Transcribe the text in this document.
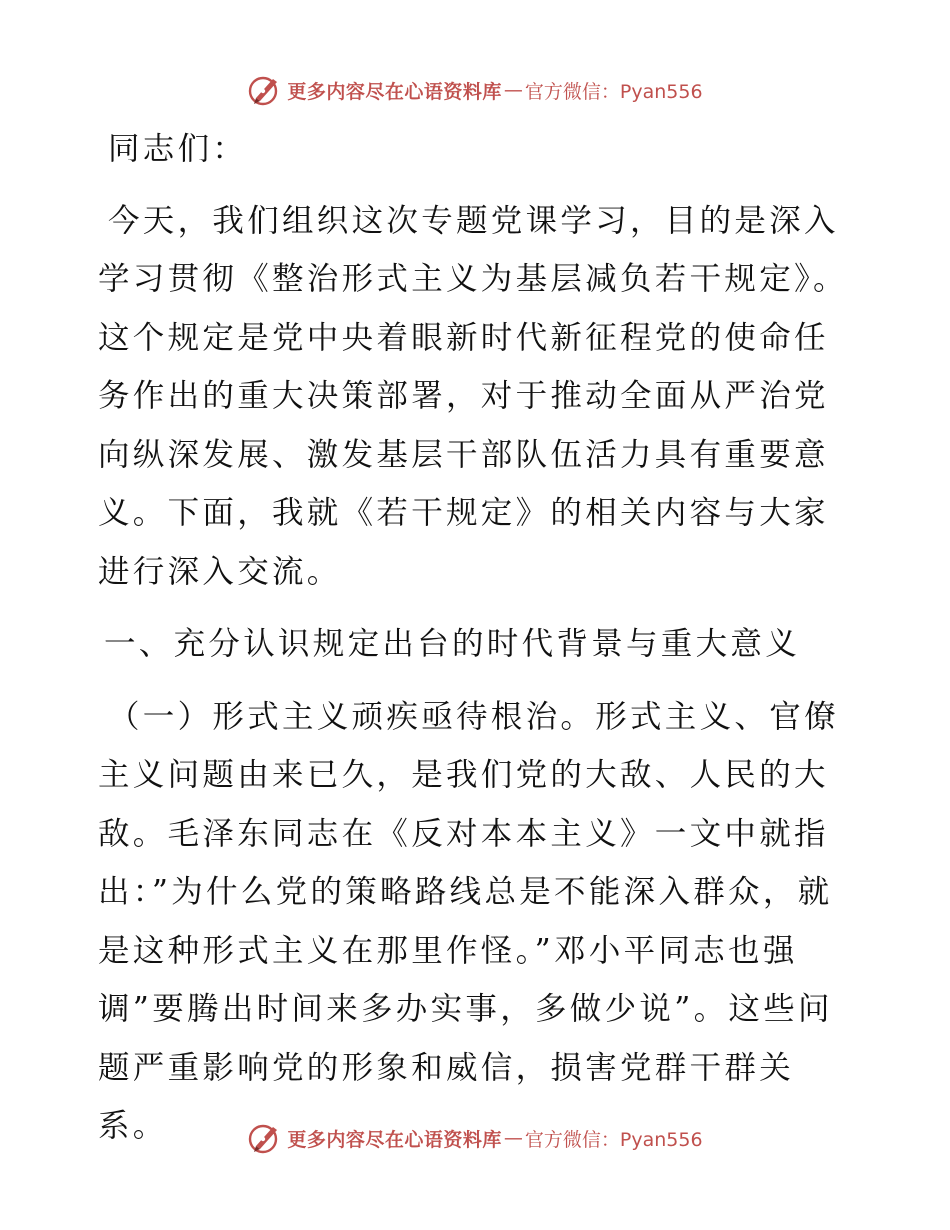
更多内容尽在心语资料库 — 官方微信：Pyan556

同志们：

今天，我们组织这次专题党课学习，目的是深入学习贯彻《整治形式主义为基层减负若干规定》。这个规定是党中央着眼新时代新征程党的使命任务作出的重大决策部署，对于推动全面从严治党向纵深发展、激发基层干部队伍活力具有重要意义。下面，我就《若干规定》的相关内容与大家进行深入交流。

一、充分认识规定出台的时代背景与重大意义

（一）形式主义顽疾亟待根治。形式主义、官僚主义问题由来已久，是我们党的大敌、人民的大敌。毛泽东同志在《反对本本主义》一文中就指出：”为什么党的策略路线总是不能深入群众，就是这种形式主义在那里作怪。”邓小平同志也强调”要腾出时间来多办实事，多做少说”。这些问题严重影响党的形象和威信，损害党群干群关系。	更多内容尽在心语资料库 — 官方微信：Pyan556
